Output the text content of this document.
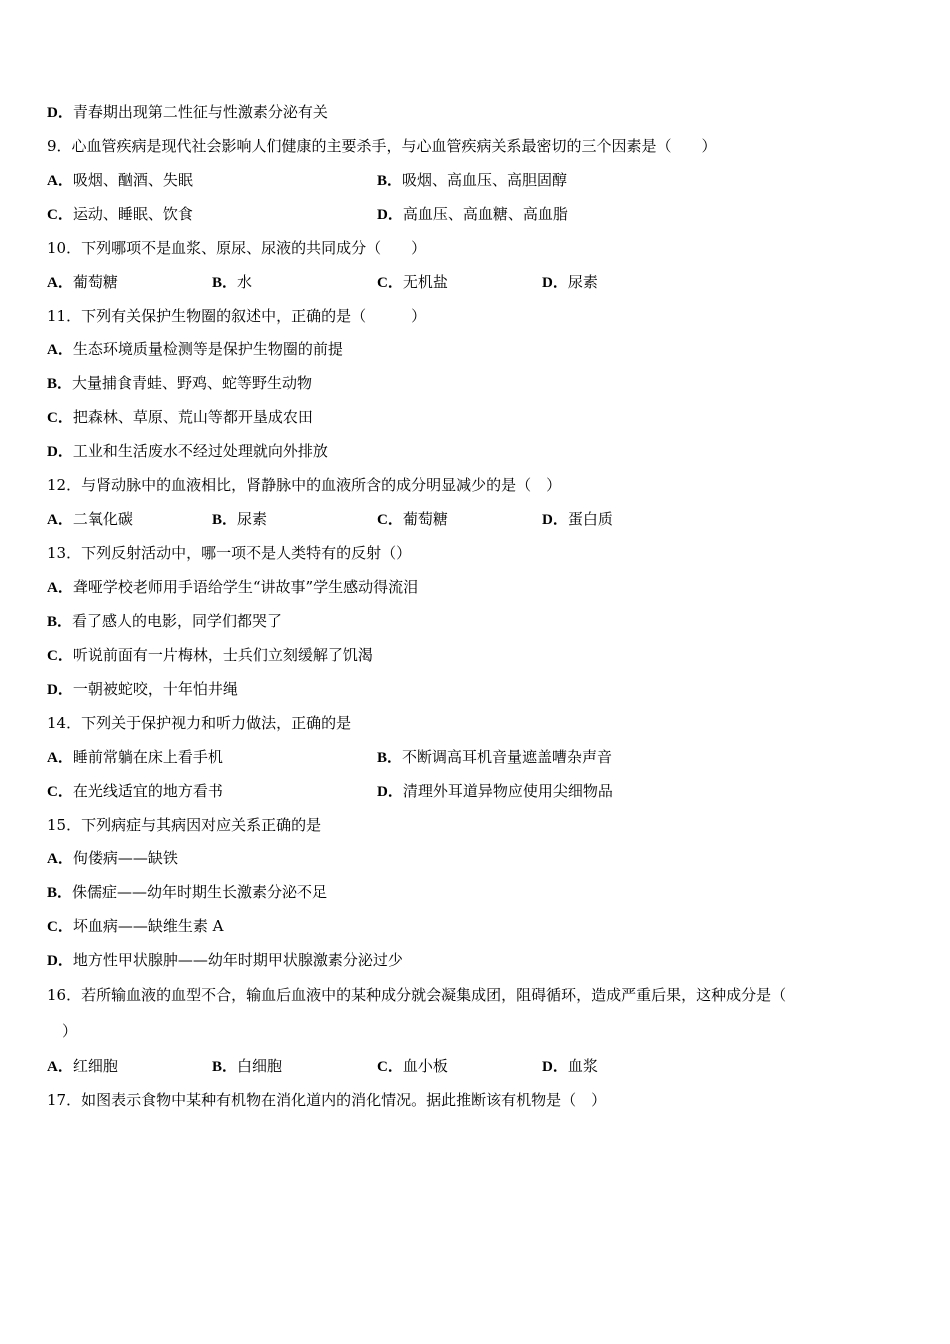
D．青春期出现第二性征与性激素分泌有关
9．心血管疾病是现代社会影响人们健康的主要杀手，与心血管疾病关系最密切的三个因素是（　　）
A．吸烟、酗酒、失眠	B．吸烟、高血压、高胆固醇
C．运动、睡眠、饮食	D．高血压、高血糖、高血脂
10．下列哪项不是血浆、原尿、尿液的共同成分（　　）
A．葡萄糖	B．水	C．无机盐	D．尿素
11．下列有关保护生物圈的叙述中，正确的是（　　　）
A．生态环境质量检测等是保护生物圈的前提
B．大量捕食青蛙、野鸡、蛇等野生动物
C．把森林、草原、荒山等都开垦成农田
D．工业和生活废水不经过处理就向外排放
12．与肾动脉中的血液相比，肾静脉中的血液所含的成分明显减少的是（　）
A．二氧化碳	B．尿素	C．葡萄糖	D．蛋白质
13．下列反射活动中，哪一项不是人类特有的反射（）
A．聋哑学校老师用手语给学生“讲故事”学生感动得流泪
B．看了感人的电影，同学们都哭了
C．听说前面有一片梅林，士兵们立刻缓解了饥渴
D．一朝被蛇咬，十年怕井绳
14．下列关于保护视力和听力做法，正确的是
A．睡前常躺在床上看手机	B．不断调高耳机音量遮盖嘈杂声音
C．在光线适宜的地方看书	D．清理外耳道异物应使用尖细物品
15．下列病症与其病因对应关系正确的是
A．佝偻病——缺铁
B．侏儒症——幼年时期生长激素分泌不足
C．坏血病——缺维生素 A
D．地方性甲状腺肿——幼年时期甲状腺激素分泌过少
16．若所输血液的血型不合，输血后血液中的某种成分就会凝集成团，阻碍循环，造成严重后果，这种成分是（
）
A．红细胞	B．白细胞	C．血小板	D．血浆
17．如图表示食物中某种有机物在消化道内的消化情况。据此推断该有机物是（　）
